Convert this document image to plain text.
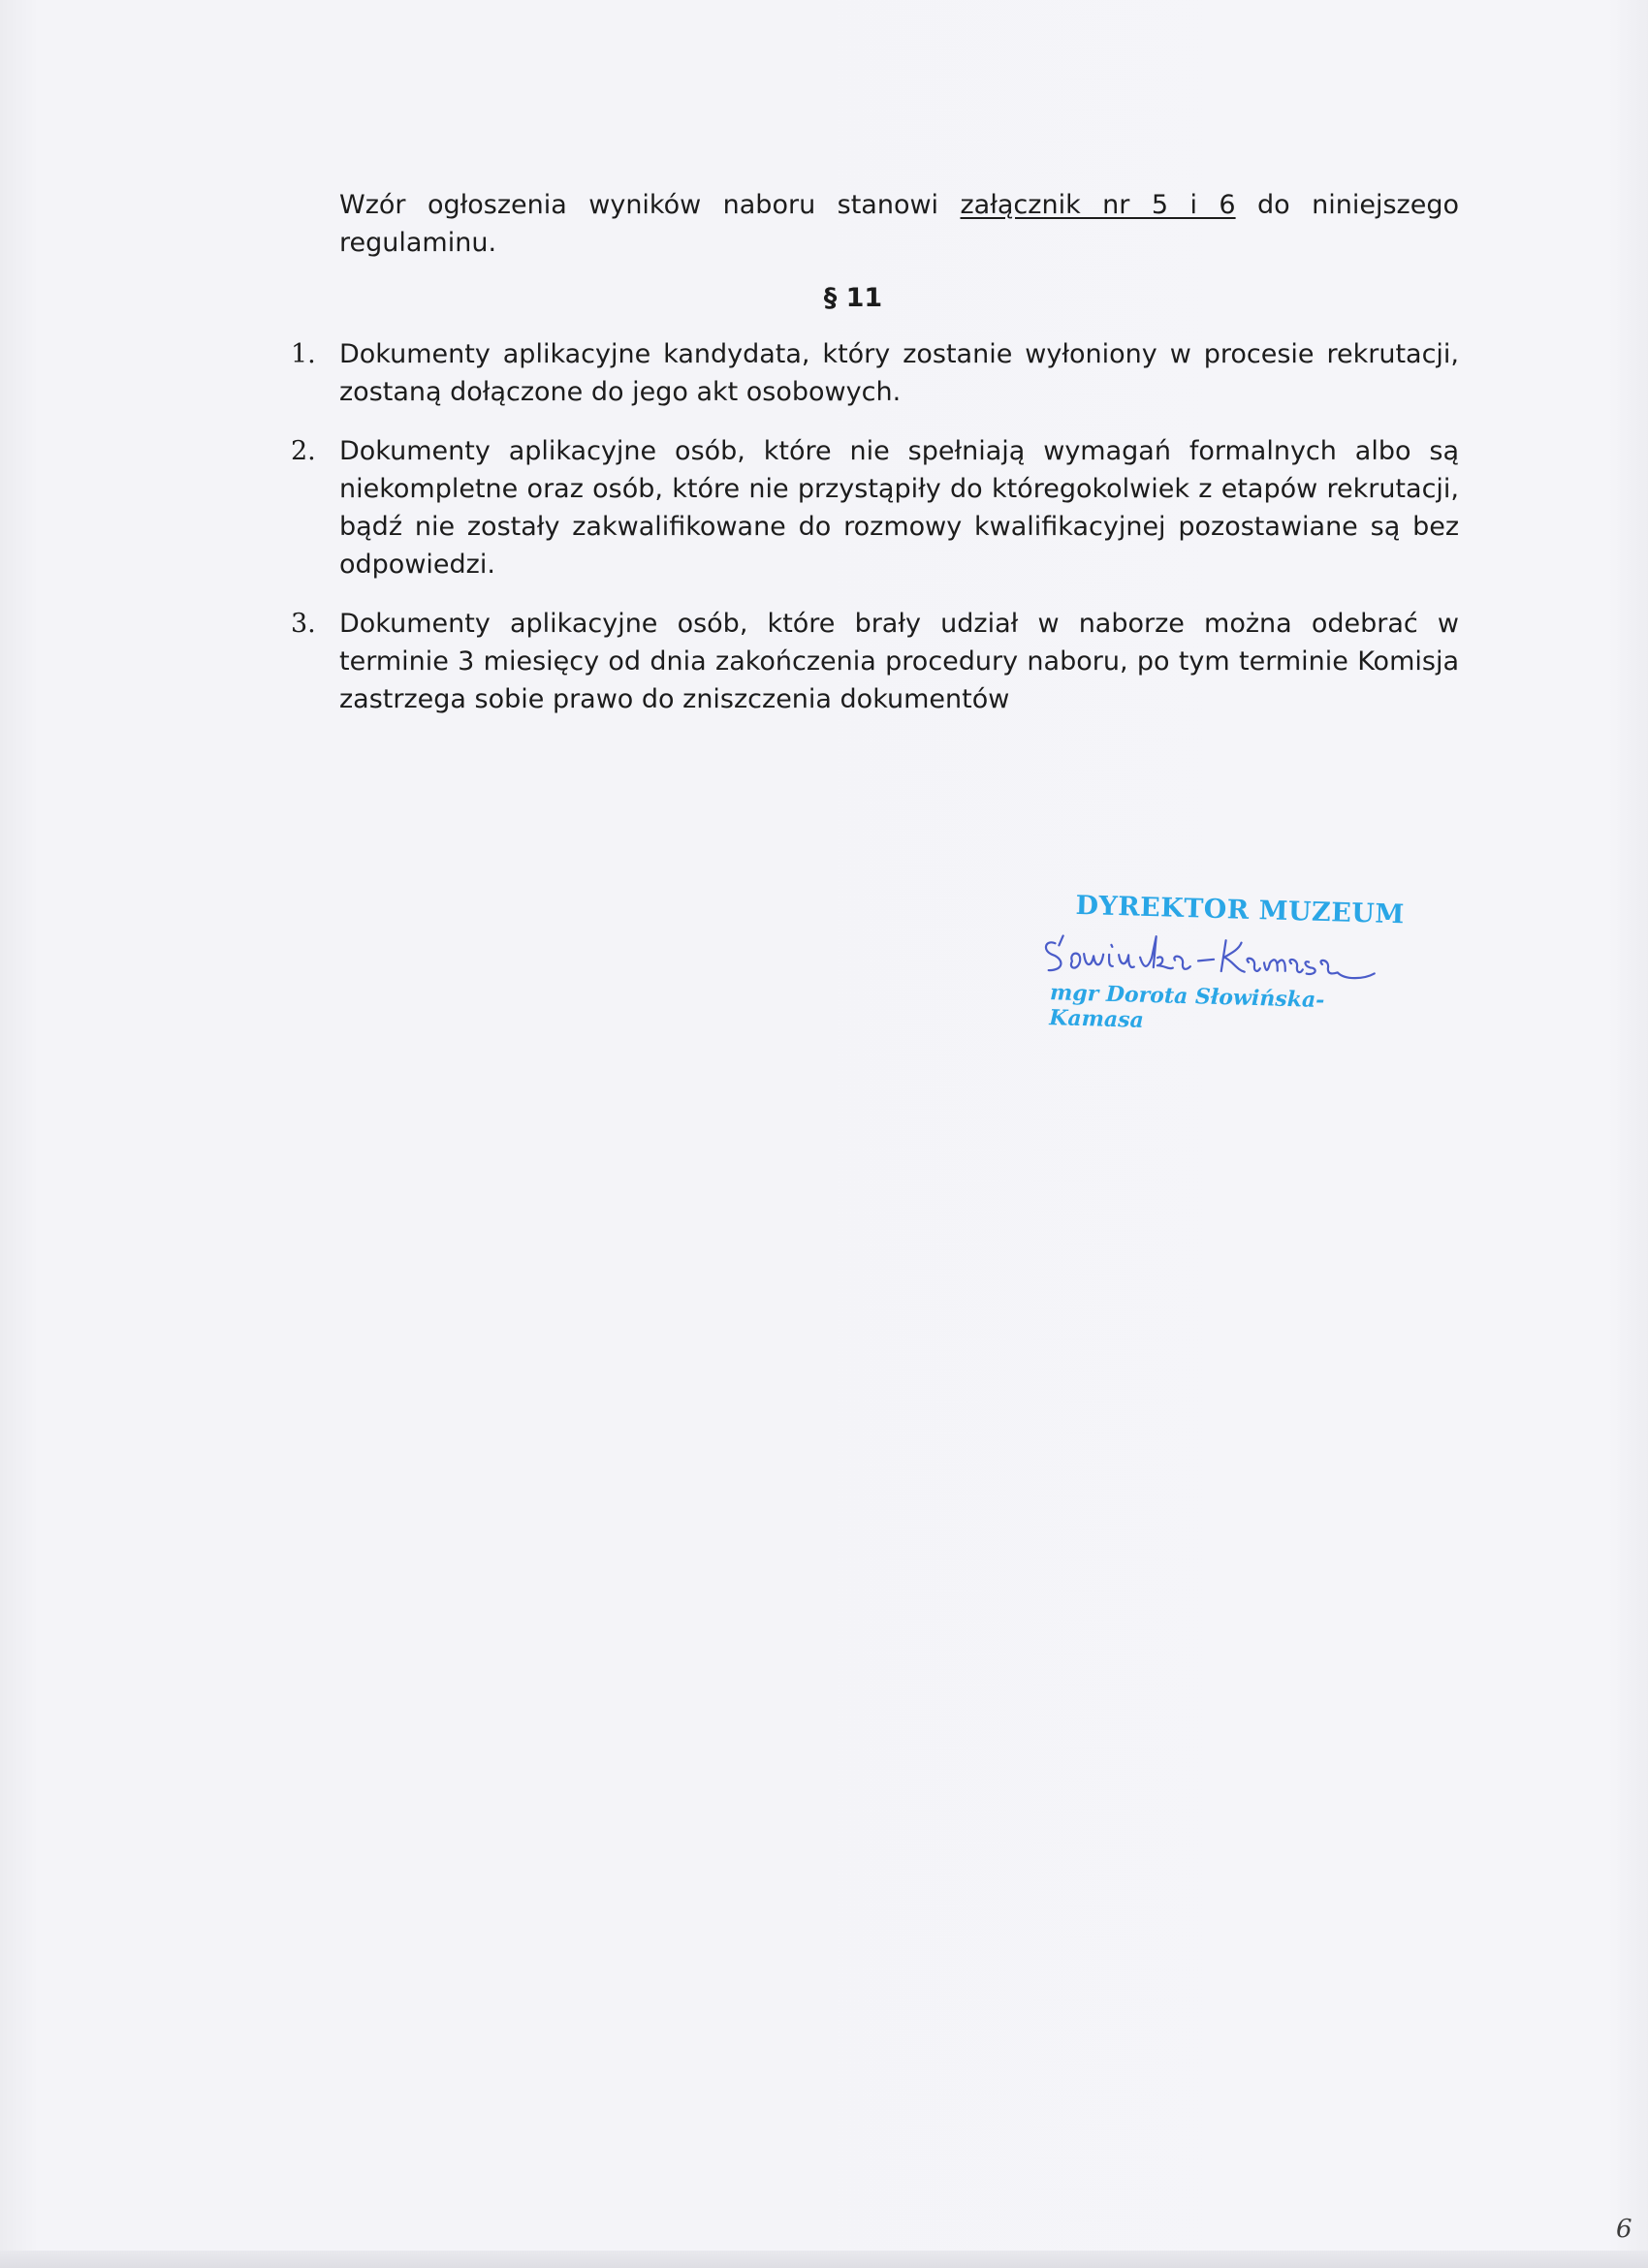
Wzór ogłoszenia wyników naboru stanowi załącznik nr 5 i 6 do niniejszego regulaminu.

§ 11
1. Dokumenty aplikacyjne kandydata, który zostanie wyłoniony w procesie rekrutacji, zostaną dołączone do jego akt osobowych.
2. Dokumenty aplikacyjne osób, które nie spełniają wymagań formalnych albo są niekompletne oraz osób, które nie przystąpiły do któregokolwiek z etapów rekrutacji, bądź nie zostały zakwalifikowane do rozmowy kwalifikacyjnej pozostawiane są bez odpowiedzi.
3. Dokumenty aplikacyjne osób, które brały udział w naborze można odebrać w terminie 3 miesięcy od dnia zakończenia procedury naboru, po tym terminie Komisja zastrzega sobie prawo do zniszczenia dokumentów
DYREKTOR MUZEUM
mgr Dorota Słowińska-Kamasa
6
